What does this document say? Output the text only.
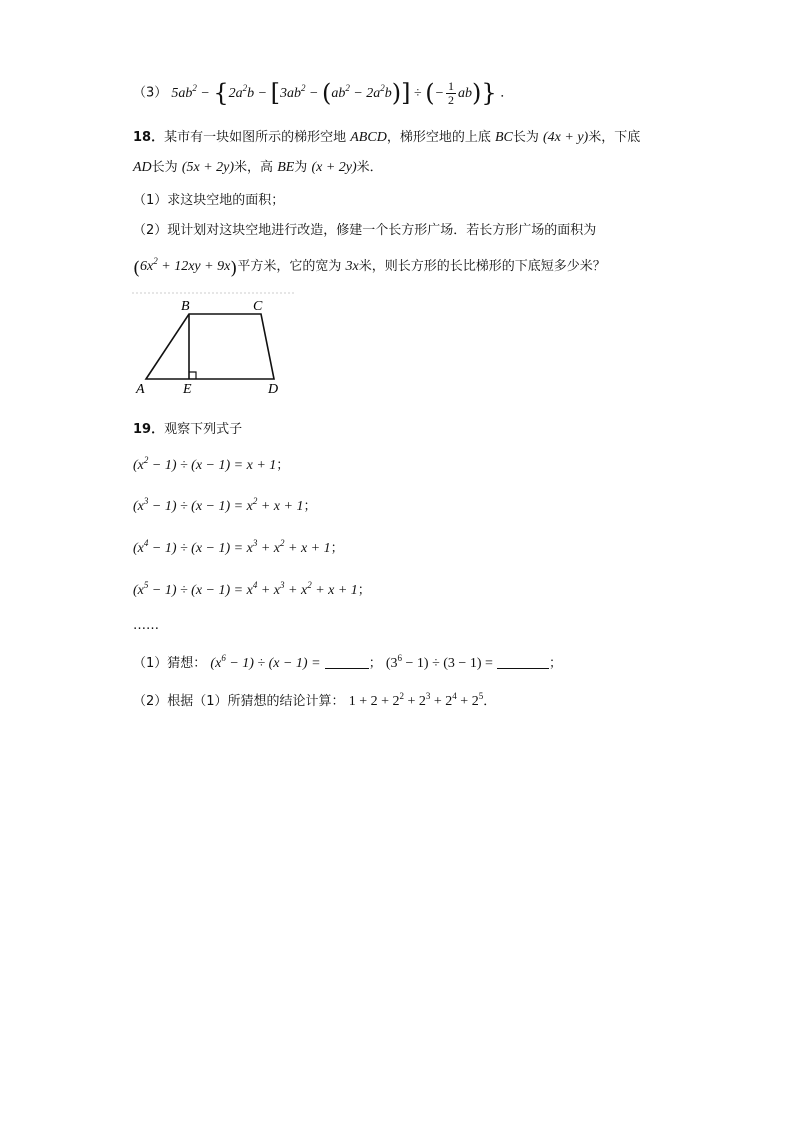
（3） $5ab^2 - \{2a^2b - [3ab^2 - (ab^2 - 2a^2b)]$ ÷ (− $\frac{1}{2} ab$)} ．
18．某市有一块如图所示的梯形空地 ABCD，梯形空地的上底 BC长为 (4x + y)米，下底
AD长为 (5x + 2y)米，高 BE为 (x + 2y)米．
（1）求这块空地的面积；
（2）现计划对这块空地进行改造，修建一个长方形广场．若长方形广场的面积为
$(6x^2 + 12xy + 9x)$平方米，它的宽为 3x米，则长方形的长比梯形的下底短多少米？
A
B	C
D
E
19．观察下列式子
$(x^2 - 1) \div (x - 1) = x + 1$；
$(x^3 - 1) \div (x - 1) = x^2 + x + 1$；
$(x^4 - 1) \div (x - 1) = x^3 + x^2 + x + 1$；
$(x^5 - 1) \div (x - 1) = x^4 + x^3 + x^2 + x + 1$；
……
（1）猜想： $(x^6 - 1) \div (x - 1)$ =	； $(3^6 - 1) \div (3 - 1)$ =	；
（2）根据（1）所猜想的结论计算： $1 + 2 + 2^2 + 2^3 + 2^4 + 2^5$．
